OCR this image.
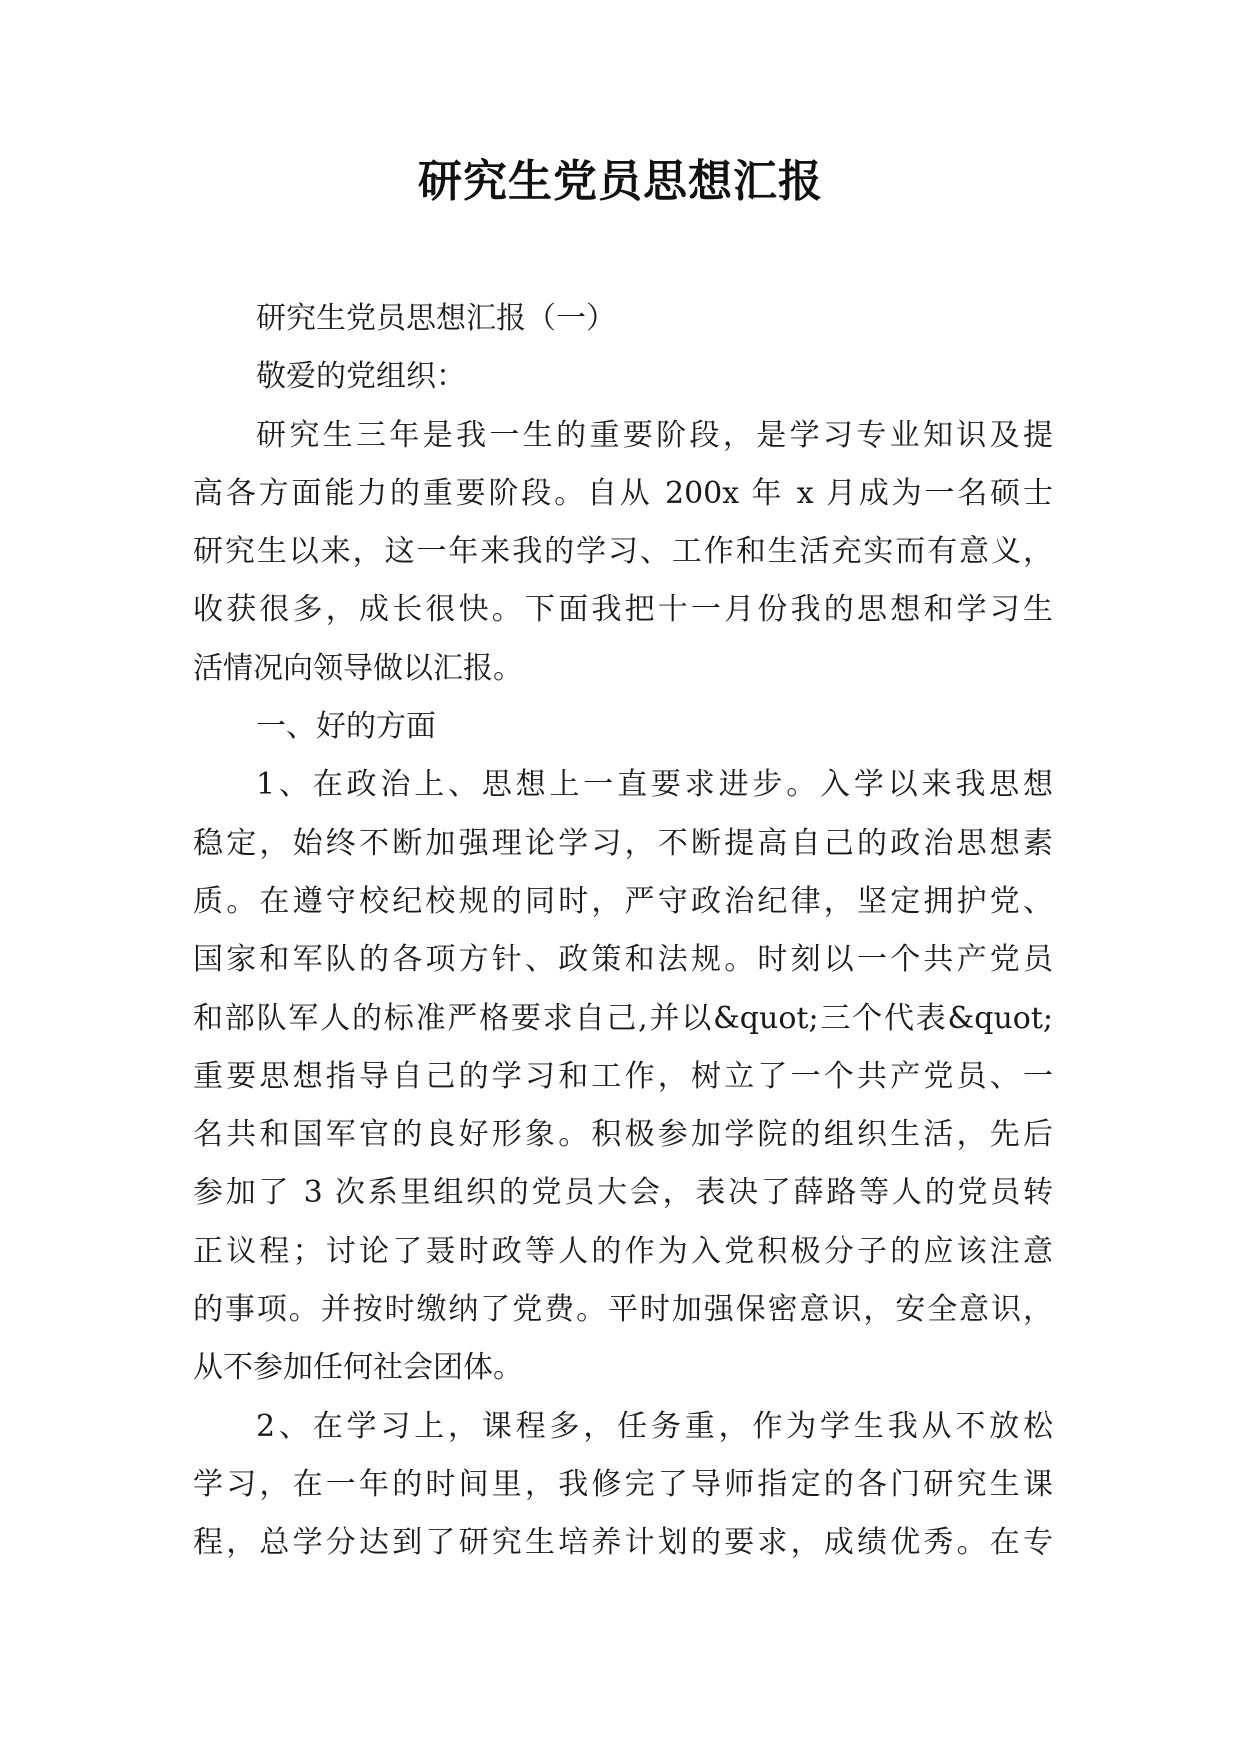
研究生党员思想汇报
研究生党员思想汇报（一）
敬爱的党组织：
研究生三年是我一生的重要阶段，是学习专业知识及提
高各方面能力的重要阶段。自从 200x 年 x 月成为一名硕士
研究生以来，这一年来我的学习、工作和生活充实而有意义，
收获很多，成长很快。下面我把十一月份我的思想和学习生
活情况向领导做以汇报。
一、好的方面
1、在政治上、思想上一直要求进步。入学以来我思想
稳定，始终不断加强理论学习，不断提高自己的政治思想素
质。在遵守校纪校规的同时，严守政治纪律，坚定拥护党、
国家和军队的各项方针、政策和法规。时刻以一个共产党员
和部队军人的标准严格要求自己,并以&quot;三个代表&quot;
重要思想指导自己的学习和工作，树立了一个共产党员、一
名共和国军官的良好形象。积极参加学院的组织生活，先后
参加了 3 次系里组织的党员大会，表决了薛路等人的党员转
正议程；讨论了聂时政等人的作为入党积极分子的应该注意
的事项。并按时缴纳了党费。平时加强保密意识，安全意识，
从不参加任何社会团体。
2、在学习上，课程多，任务重，作为学生我从不放松
学习，在一年的时间里，我修完了导师指定的各门研究生课
程，总学分达到了研究生培养计划的要求，成绩优秀。在专
